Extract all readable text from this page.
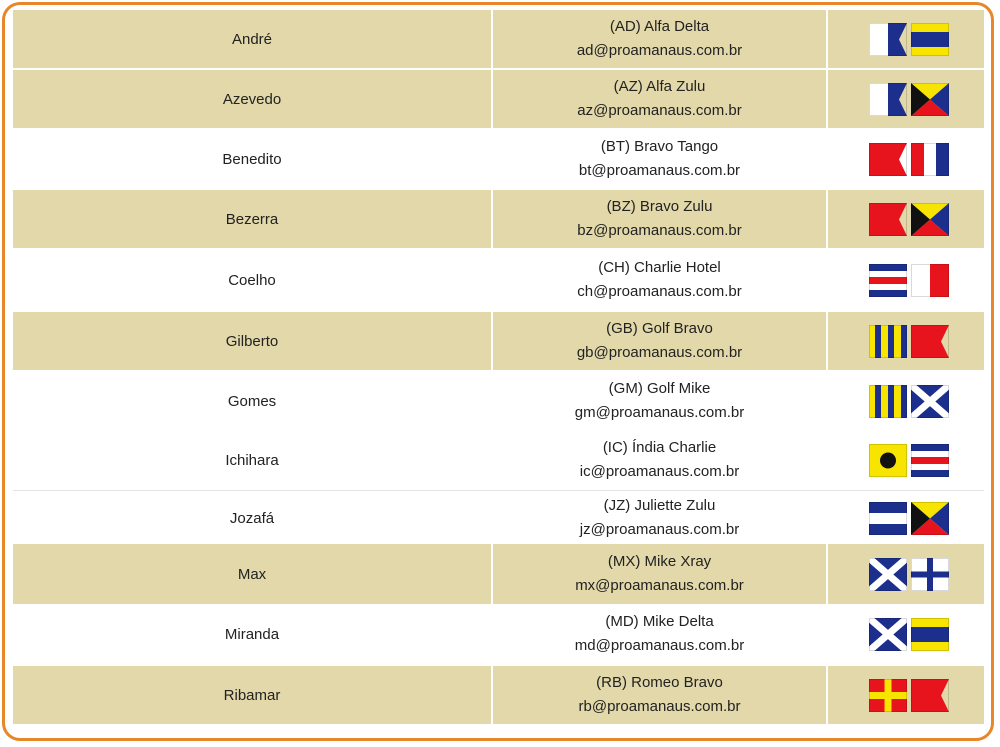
André
(AD) Alfa Delta
ad@proamanaus.com.br
Azevedo
(AZ) Alfa Zulu
az@proamanaus.com.br
Benedito
(BT) Bravo Tango
bt@proamanaus.com.br
Bezerra
(BZ) Bravo Zulu
bz@proamanaus.com.br
Coelho
(CH) Charlie Hotel
ch@proamanaus.com.br
Gilberto
(GB) Golf Bravo
gb@proamanaus.com.br
Gomes
(GM) Golf Mike
gm@proamanaus.com.br
Ichihara
(IC) Índia Charlie
ic@proamanaus.com.br
Jozafá
(JZ) Juliette Zulu
jz@proamanaus.com.br
Max
(MX) Mike Xray
mx@proamanaus.com.br
Miranda
(MD) Mike Delta
md@proamanaus.com.br
Ribamar
(RB) Romeo Bravo
rb@proamanaus.com.br
